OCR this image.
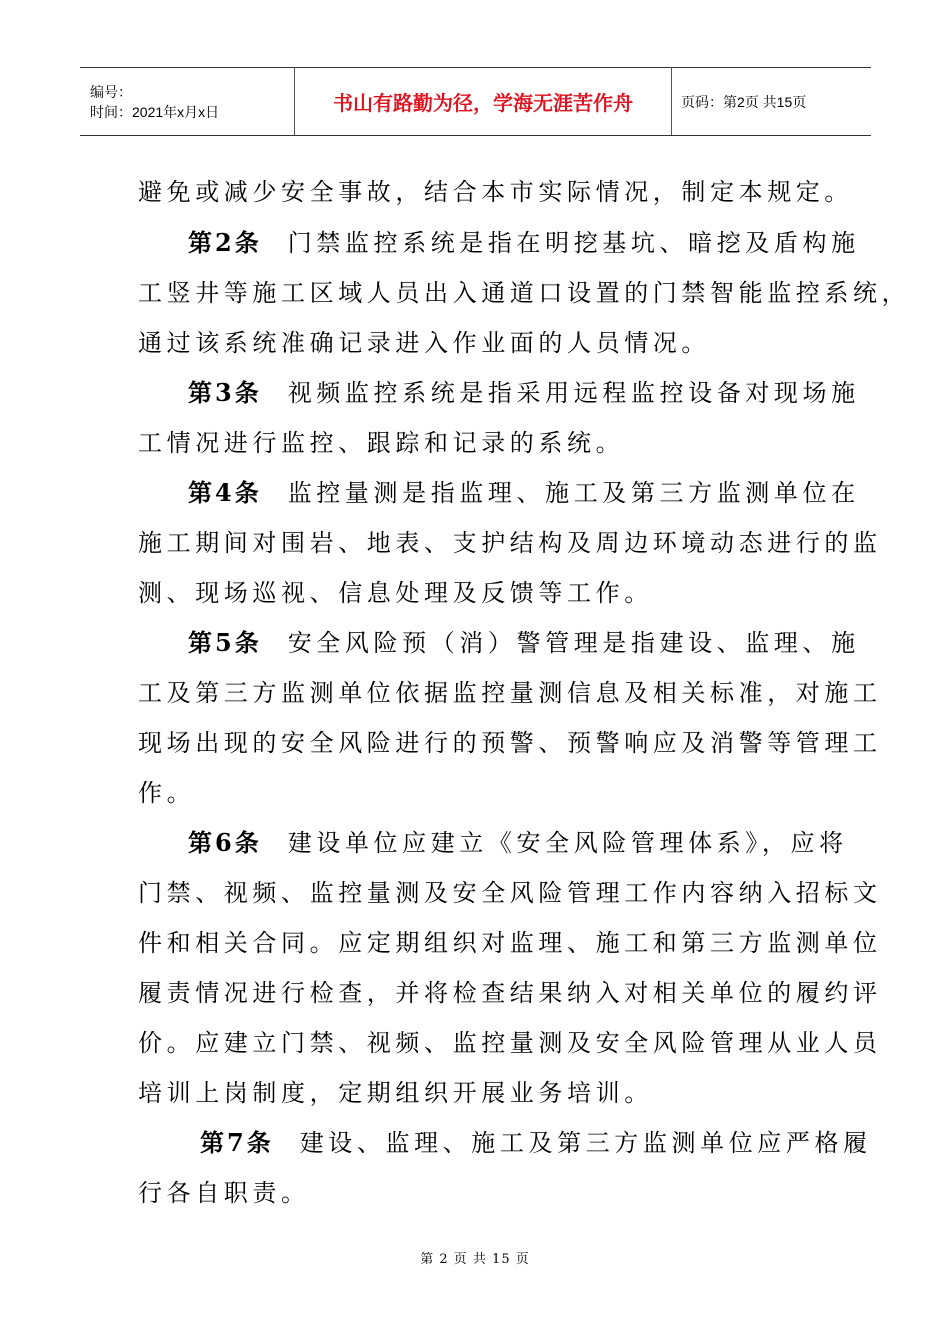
编号：
时间：2021年x月x日	书山有路勤为径，学海无涯苦作舟	页码：第2页 共15页
避免或减少安全事故，结合本市实际情况，制定本规定。
第2条 门禁监控系统是指在明挖基坑、暗挖及盾构施
工竖井等施工区域人员出入通道口设置的门禁智能监控系统，
通过该系统准确记录进入作业面的人员情况。
第3条 视频监控系统是指采用远程监控设备对现场施
工情况进行监控、跟踪和记录的系统。
第4条 监控量测是指监理、施工及第三方监测单位在
施工期间对围岩、地表、支护结构及周边环境动态进行的监
测、现场巡视、信息处理及反馈等工作。
第5条 安全风险预（消）警管理是指建设、监理、施
工及第三方监测单位依据监控量测信息及相关标准，对施工
现场出现的安全风险进行的预警、预警响应及消警等管理工
作。
第6条 建设单位应建立《安全风险管理体系》，应将
门禁、视频、监控量测及安全风险管理工作内容纳入招标文
件和相关合同。应定期组织对监理、施工和第三方监测单位
履责情况进行检查，并将检查结果纳入对相关单位的履约评
价。应建立门禁、视频、监控量测及安全风险管理从业人员
培训上岗制度，定期组织开展业务培训。
第7条 建设、监理、施工及第三方监测单位应严格履
行各自职责。
第 2 页 共 15 页
